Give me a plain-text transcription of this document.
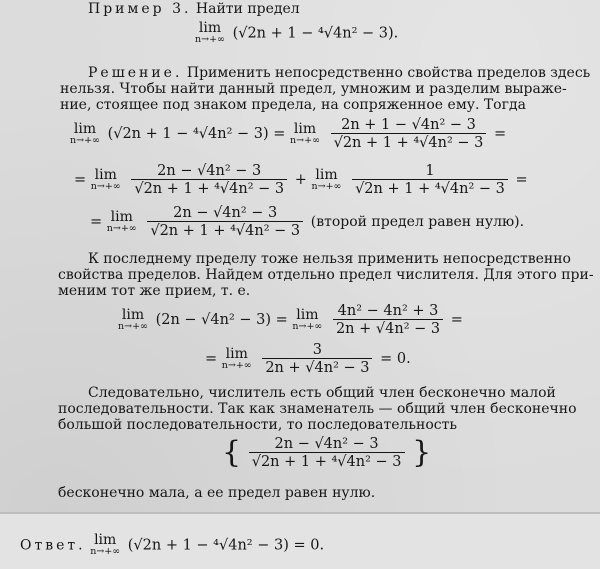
Пример 3. Найти предел
lim
n→+∞ (√2n + 1 − ⁴√4n² − 3).
Решение. Применить непосредственно свойства пределов здесь
нельзя. Чтобы найти данный предел, умножим и разделим выраже-
ние, стоящее под знаком предела, на сопряженное ему. Тогда
lim
n→+∞ (√2n + 1 − ⁴√4n² − 3) = lim
n→+∞
$\frac{\text{2n + 1 − √4n² − 3}}{\text{√2n + 1 + ⁴√4n² − 3}}$ =
= lim
n→+∞
$\frac{\text{2n − √4n² − 3}}{\text{√2n + 1 + ⁴√4n² − 3}} + \lim$
n→+∞
$\frac{1}{\text{√2n + 1 + ⁴√4n² − 3}}$ =
= lim
n→+∞
$\frac{\text{2n − √4n² − 3}}{\text{√2n + 1 + ⁴√4n² − 3}}$ (второй предел равен нулю).
К последнему пределу тоже нельзя применить непосредственно
свойства пределов. Найдем отдельно предел числителя. Для этого при-
меним тот же прием, т. е.
lim
n→+∞ (2n − √4n² − 3) = lim
n→+∞
$\frac{\text{4n² − 4n² + 3}}{\text{2n + √4n² − 3}}$ =
= lim
n→+∞
$\frac{3}{\text{2n + √4n² − 3}} = 0$.
Следовательно, числитель есть общий член бесконечно малой
последовательности. Так как знаменатель — общий член бесконечно
большой последовательности, то последовательность
{ $\frac{\text{2n − √4n² − 3}}{\text{√2n + 1 + ⁴√4n² − 3}}$ }
бесконечно мала, а ее предел равен нулю.
Ответ. lim
n→+∞ (√2n + 1 − ⁴√4n² − 3) = 0.
